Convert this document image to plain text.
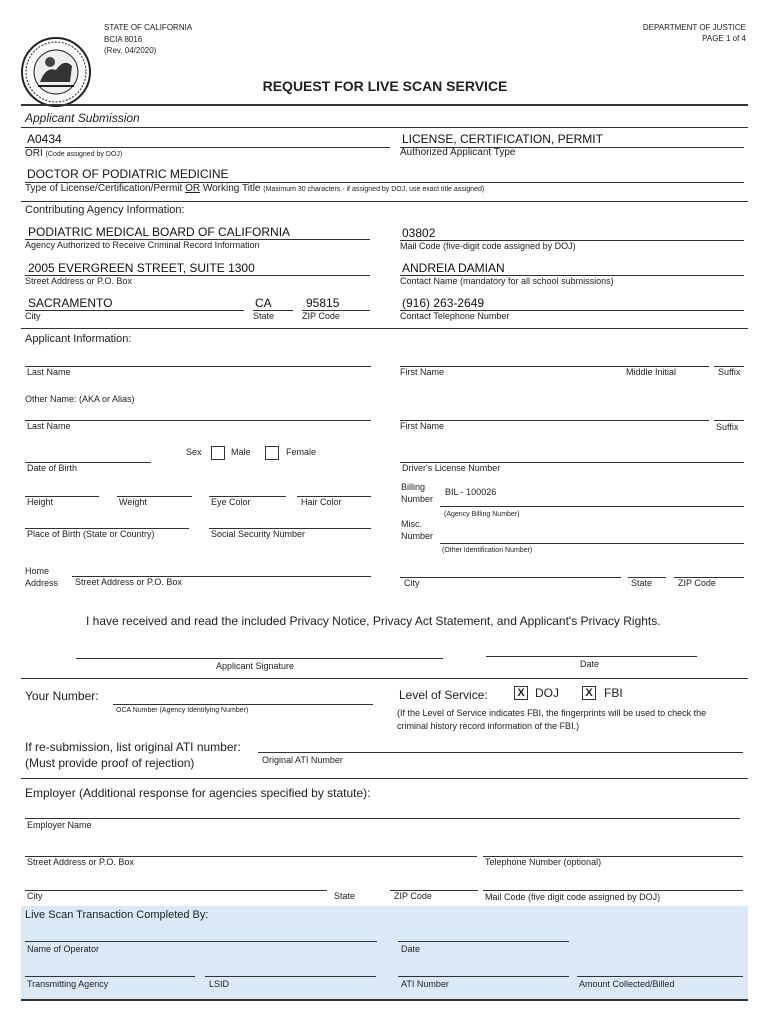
STATE OF CALIFORNIA
BCIA 8016
(Rev. 04/2020)
DEPARTMENT OF JUSTICE
PAGE 1 of 4
REQUEST FOR LIVE SCAN SERVICE
Applicant Submission
A0434
ORI (Code assigned by DOJ)
LICENSE, CERTIFICATION, PERMIT
Authorized Applicant Type
DOCTOR OF PODIATRIC MEDICINE
Type of License/Certification/Permit OR Working Title (Maximum 30 characters - if assigned by DOJ, use exact title assigned)
Contributing Agency Information:
PODIATRIC MEDICAL BOARD OF CALIFORNIA
Agency Authorized to Receive Criminal Record Information
03802
Mail Code (five-digit code assigned by DOJ)
2005 EVERGREEN STREET, SUITE 1300
Street Address or P.O. Box
ANDREIA DAMIAN
Contact Name (mandatory for all school submissions)
SACRAMENTO
City
CA
State
95815
ZIP Code
(916) 263-2649
Contact Telephone Number
Applicant Information:
Last Name	First Name	Middle Initial	Suffix
Other Name: (AKA or Alias)
Last Name	First Name	Suffix
Sex	Male	Female
Date of Birth	Driver's License Number
Height	Weight	Eye Color	Hair Color
Billing
Number
BIL - 100026
(Agency Billing Number)
Place of Birth (State or Country)	Social Security Number
Misc.
Number
(Other Identification Number)
Home
Address Street Address or P.O. Box	City	State	ZIP Code
I have received and read the included Privacy Notice, Privacy Act Statement, and Applicant's Privacy Rights.
Applicant Signature	Date
Your Number:
OCA Number (Agency Identifying Number)
Level of Service:	X DOJ	X FBI
(If the Level of Service indicates FBI, the fingerprints will be used to check the
criminal history record information of the FBI.)
If re-submission, list original ATI number:
(Must provide proof of rejection)	Original ATI Number
Employer (Additional response for agencies specified by statute):
Employer Name
Street Address or P.O. Box	Telephone Number (optional)
City	State	ZIP Code	Mail Code (five digit code assigned by DOJ)
Live Scan Transaction Completed By:
Name of Operator	Date
Transmitting Agency	LSID	ATI Number	Amount Collected/Billed
